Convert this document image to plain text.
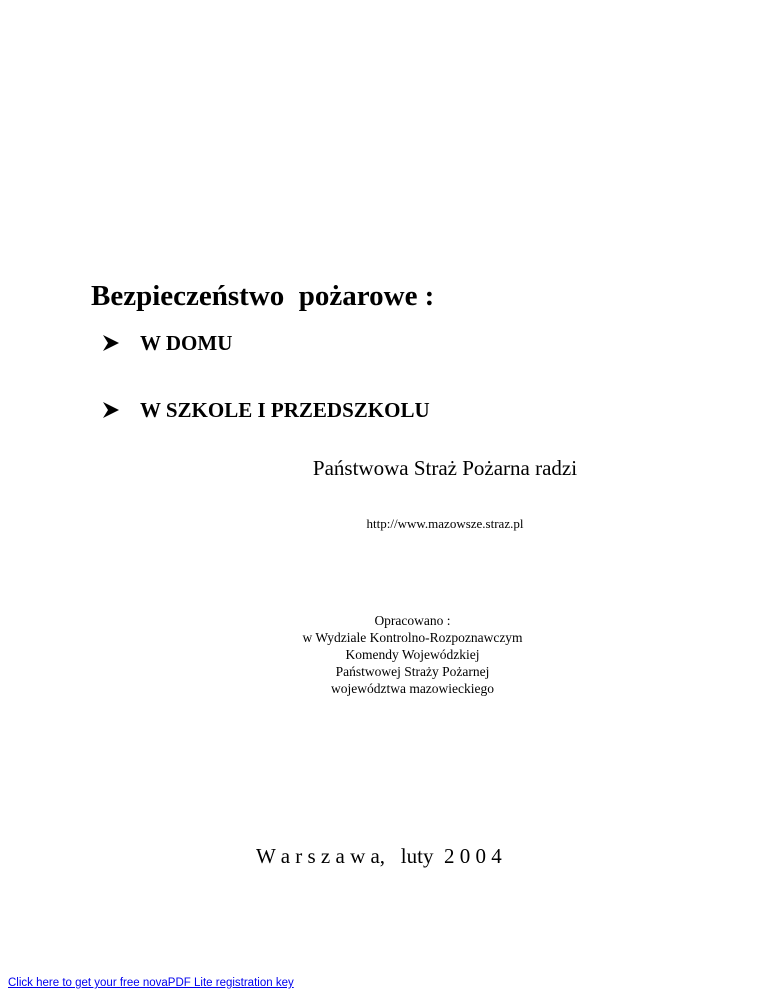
Bezpieczeństwo  pożarowe :
W DOMU
W SZKOLE I PRZEDSZKOLU
Państwowa Straż Pożarna radzi
http://www.mazowsze.straz.pl
Opracowano :
w Wydziale Kontrolno-Rozpoznawczym
Komendy Wojewódzkiej
Państwowej Straży Pożarnej
województwa mazowieckiego
W a r s z a w a,   luty  2 0 0 4
Click here to get your free novaPDF Lite registration key
